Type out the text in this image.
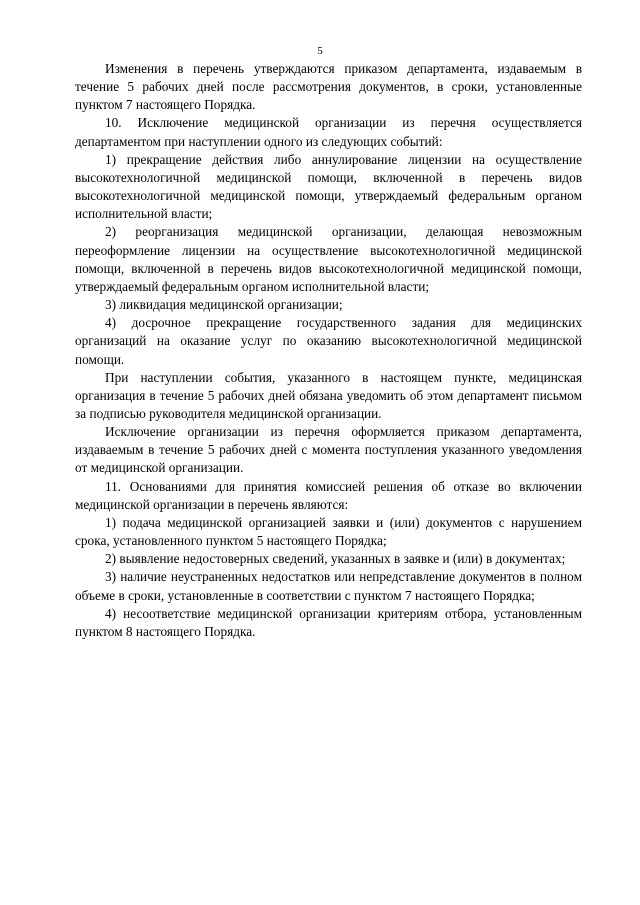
5

Изменения в перечень утверждаются приказом департамента, издаваемым в течение 5 рабочих дней после рассмотрения документов, в сроки, установленные пунктом 7 настоящего Порядка.

10. Исключение медицинской организации из перечня осуществляется департаментом при наступлении одного из следующих событий:

1) прекращение действия либо аннулирование лицензии на осуществление высокотехнологичной медицинской помощи, включенной в перечень видов высокотехнологичной медицинской помощи, утверждаемый федеральным органом исполнительной власти;

2) реорганизация медицинской организации, делающая невозможным переоформление лицензии на осуществление высокотехнологичной медицинской помощи, включенной в перечень видов высокотехнологичной медицинской помощи, утверждаемый федеральным органом исполнительной власти;

3) ликвидация медицинской организации;

4) досрочное прекращение государственного задания для медицинских организаций на оказание услуг по оказанию высокотехнологичной медицинской помощи.

При наступлении события, указанного в настоящем пункте, медицинская организация в течение 5 рабочих дней обязана уведомить об этом департамент письмом за подписью руководителя медицинской организации.

Исключение организации из перечня оформляется приказом департамента, издаваемым в течение 5 рабочих дней с момента поступления указанного уведомления от медицинской организации.

11. Основаниями для принятия комиссией решения об отказе во включении медицинской организации в перечень являются:

1) подача медицинской организацией заявки и (или) документов с нарушением срока, установленного пунктом 5 настоящего Порядка;

2) выявление недостоверных сведений, указанных в заявке и (или) в документах;

3) наличие неустраненных недостатков или непредставление документов в полном объеме в сроки, установленные в соответствии с пунктом 7 настоящего Порядка;

4) несоответствие медицинской организации критериям отбора, установленным пунктом 8 настоящего Порядка.
